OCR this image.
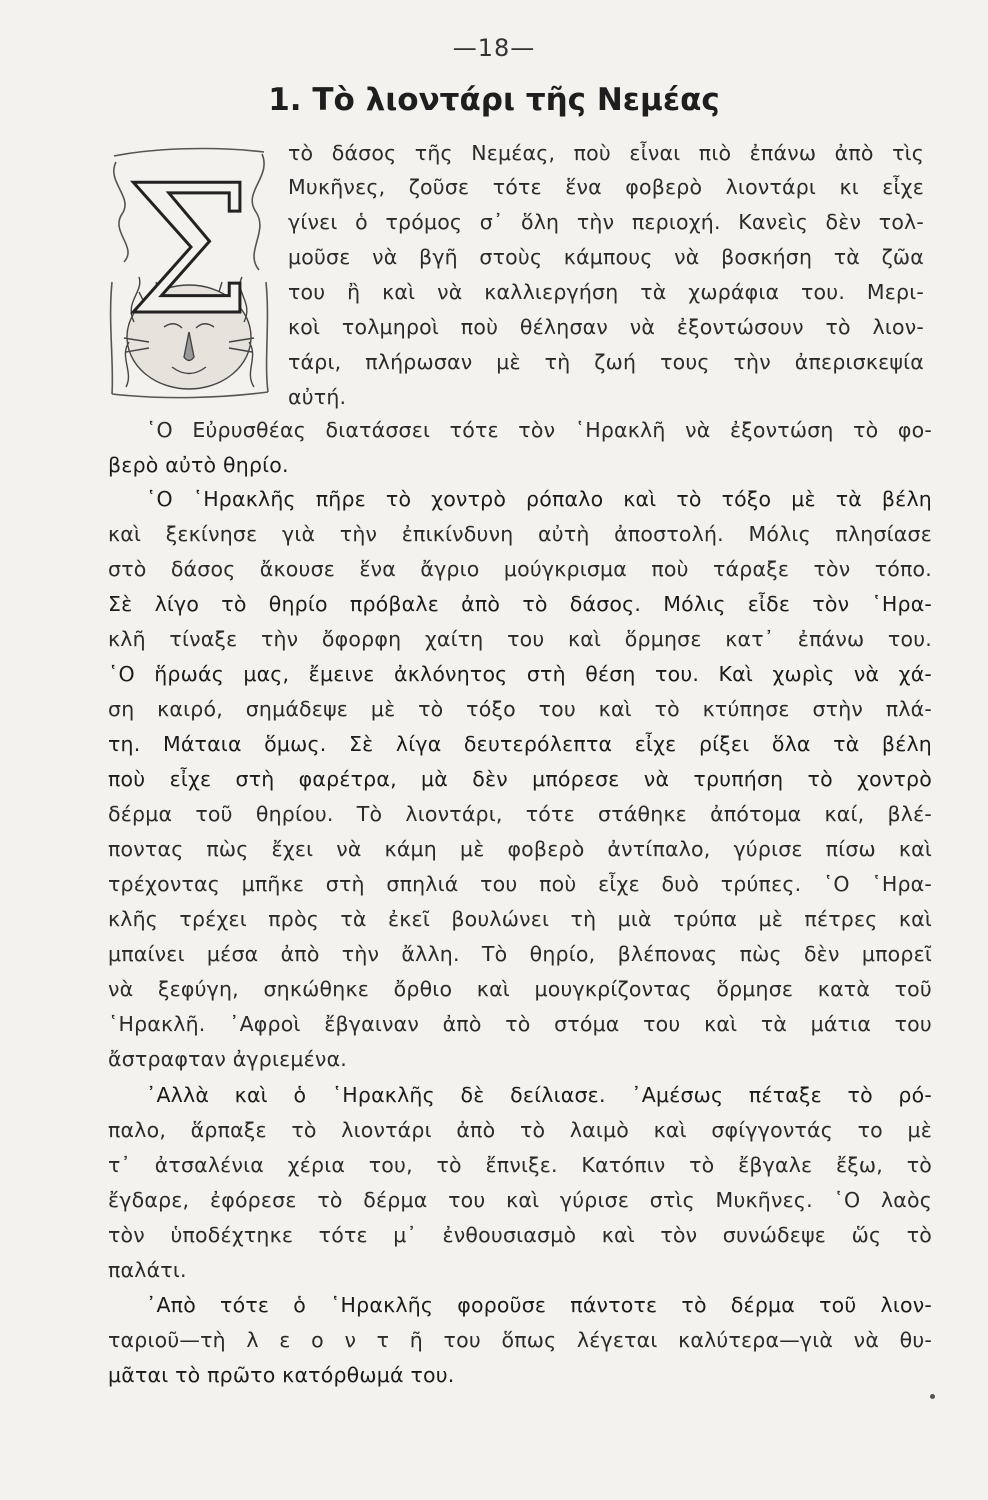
—18—
1. Τὸ λιοντάρι τῆς Νεμέας
Σ τὸ δάσος τῆς Νεμέας, ποὺ εἶναι πιὸ ἐπάνω ἀπὸ τὶς
Μυκῆνες, ζοῦσε τότε ἕνα φοβερὸ λιοντάρι κι εἶχε
γίνει ὁ τρόμος σ᾽ ὅλη τὴν περιοχή. Κανεὶς δὲν τολ-
μοῦσε νὰ βγῆ στοὺς κάμπους νὰ βοσκήση τὰ ζῶα
του ἢ καὶ νὰ καλλιεργήση τὰ χωράφια του. Μερι-
κοὶ τολμηροὶ ποὺ θέλησαν νὰ ἐξοντώσουν τὸ λιον-
τάρι, πλήρωσαν μὲ τὴ ζωή τους τὴν ἀπερισκεψία
αὐτή.
῾Ο Εὐρυσθέας διατάσσει τότε τὸν ῾Ηρακλῆ νὰ ἐξοντώση τὸ φο-
βερὸ αὐτὸ θηρίο.
῾Ο ῾Ηρακλῆς πῆρε τὸ χοντρὸ ρόπαλο καὶ τὸ τόξο μὲ τὰ βέλη
καὶ ξεκίνησε γιὰ τὴν ἐπικίνδυνη αὐτὴ ἀποστολή. Μόλις πλησίασε
στὸ δάσος ἄκουσε ἕνα ἄγριο μούγκρισμα ποὺ τάραξε τὸν τόπο.
Σὲ λίγο τὸ θηρίο πρόβαλε ἀπὸ τὸ δάσος. Μόλις εἶδε τὸν ῾Ηρα-
κλῆ τίναξε τὴν ὄφορφη χαίτη του καὶ ὅρμησε κατ᾽ ἐπάνω του.
῾Ο ἥρωάς μας, ἔμεινε ἀκλόνητος στὴ θέση του. Καὶ χωρὶς νὰ χά-
ση καιρό, σημάδεψε μὲ τὸ τόξο του καὶ τὸ κτύπησε στὴν πλά-
τη. Μάταια ὅμως. Σὲ λίγα δευτερόλεπτα εἶχε ρίξει ὅλα τὰ βέλη
ποὺ εἶχε στὴ φαρέτρα, μὰ δὲν μπόρεσε νὰ τρυπήση τὸ χοντρὸ
δέρμα τοῦ θηρίου. Τὸ λιοντάρι, τότε στάθηκε ἀπότομα καί, βλέ-
ποντας πὼς ἔχει νὰ κάμη μὲ φοβερὸ ἀντίπαλο, γύρισε πίσω καὶ
τρέχοντας μπῆκε στὴ σπηλιά του ποὺ εἶχε δυὸ τρύπες. ῾Ο ῾Ηρα-
κλῆς τρέχει πρὸς τὰ ἐκεῖ βουλώνει τὴ μιὰ τρύπα μὲ πέτρες καὶ
μπαίνει μέσα ἀπὸ τὴν ἄλλη. Τὸ θηρίο, βλέπονας πὼς δὲν μπορεῖ
νὰ ξεφύγη, σηκώθηκε ὄρθιο καὶ μουγκρίζοντας ὅρμησε κατὰ τοῦ
῾Ηρακλῆ. ᾿Αφροὶ ἔβγαιναν ἀπὸ τὸ στόμα του καὶ τὰ μάτια του
ἄστραφταν ἀγριεμένα.
᾿Αλλὰ καὶ ὁ ῾Ηρακλῆς δὲ δείλιασε. ᾿Αμέσως πέταξε τὸ ρό-
παλο, ἅρπαξε τὸ λιοντάρι ἀπὸ τὸ λαιμὸ καὶ σφίγγοντάς το μὲ
τ᾽ ἀτσαλένια χέρια του, τὸ ἔπνιξε. Κατόπιν τὸ ἔβγαλε ἔξω, τὸ
ἔγδαρε, ἐφόρεσε τὸ δέρμα του καὶ γύρισε στὶς Μυκῆνες. ῾Ο λαὸς
τὸν ὑποδέχτηκε τότε μ᾽ ἐνθουσιασμὸ καὶ τὸν συνώδεψε ὥς τὸ
παλάτι.
᾿Απὸ τότε ὁ ῾Ηρακλῆς φοροῦσε πάντοτε τὸ δέρμα τοῦ λιον-
ταριοῦ—τὴ λ ε ο ν τ ῆ του ὅπως λέγεται καλύτερα—γιὰ νὰ θυ-
μᾶται τὸ πρῶτο κατόρθωμά του.
